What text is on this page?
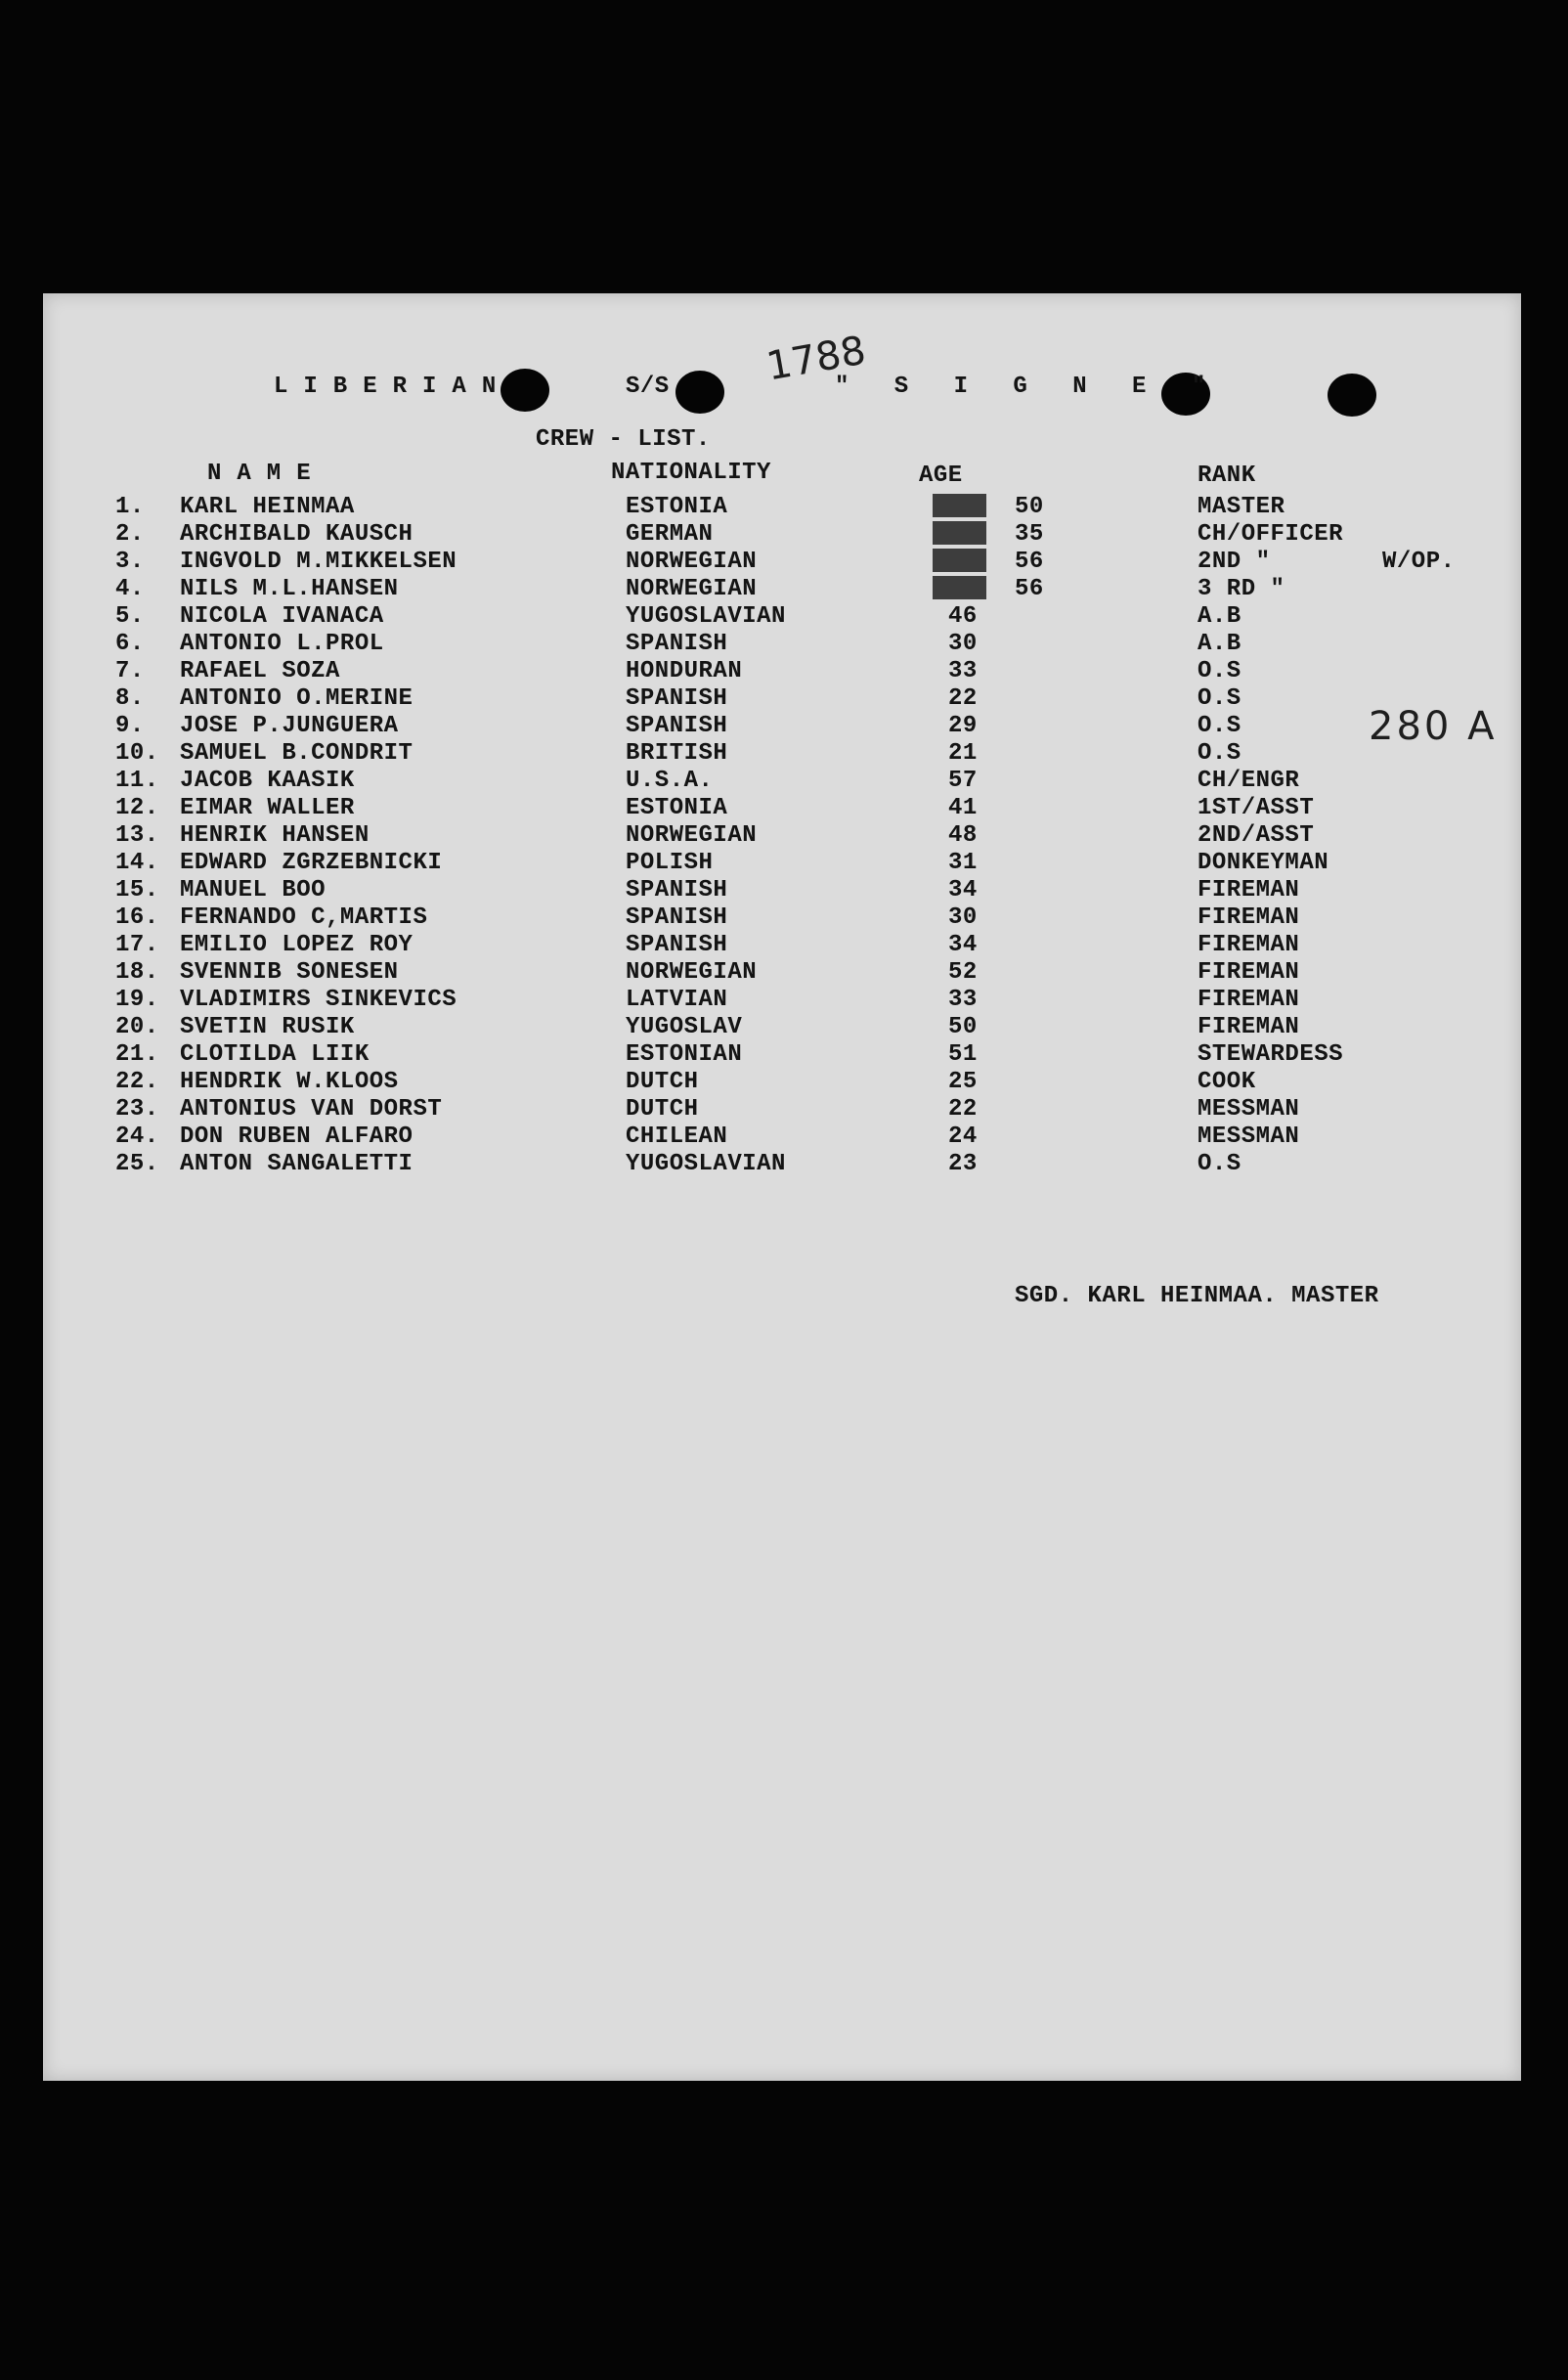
LIBERIAN	S/S	" S I G N E "
1788
CREW - LIST.
NAME	NATIONALITY	AGE	RANK
1. KARL HEINMAA	ESTONIA	50	MASTER
2. ARCHIBALD KAUSCH	GERMAN	35	CH/OFFICER
3. INGVOLD M.MIKKELSEN	NORWEGIAN	56	2ND "	W/OP.
4. NILS M.L.HANSEN	NORWEGIAN	56	3 RD "
5. NICOLA IVANACA	YUGOSLAVIAN	46	A.B
6. ANTONIO L.PROL	SPANISH	30	A.B
7. RAFAEL SOZA	HONDURAN	33	O.S
8. ANTONIO O.MERINE	SPANISH	22	O.S
9. JOSE P.JUNGUERA	SPANISH	29	O.S
10. SAMUEL B.CONDRIT	BRITISH	21	O.S
11. JACOB KAASIK	U.S.A.	57	CH/ENGR
12. EIMAR WALLER	ESTONIA	41	1ST/ASST
13. HENRIK HANSEN	NORWEGIAN	48	2ND/ASST
14. EDWARD ZGRZEBNICKI	POLISH	31	DONKEYMAN
15. MANUEL BOO	SPANISH	34	FIREMAN
16. FERNANDO C,MARTIS	SPANISH	30	FIREMAN
17. EMILIO LOPEZ ROY	SPANISH	34	FIREMAN
18. SVENNIB SONESEN	NORWEGIAN	52	FIREMAN
19. VLADIMIRS SINKEVICS	LATVIAN	33	FIREMAN
20. SVETIN RUSIK	YUGOSLAV	50	FIREMAN
21. CLOTILDA LIIK	ESTONIAN	51	STEWARDESS
22. HENDRIK W.KLOOS	DUTCH	25	COOK
23. ANTONIUS VAN DORST	DUTCH	22	MESSMAN
24. DON RUBEN ALFARO	CHILEAN	24	MESSMAN
25. ANTON SANGALETTI	YUGOSLAVIAN	23	O.S
280 A
SGD. KARL HEINMAA. MASTER
